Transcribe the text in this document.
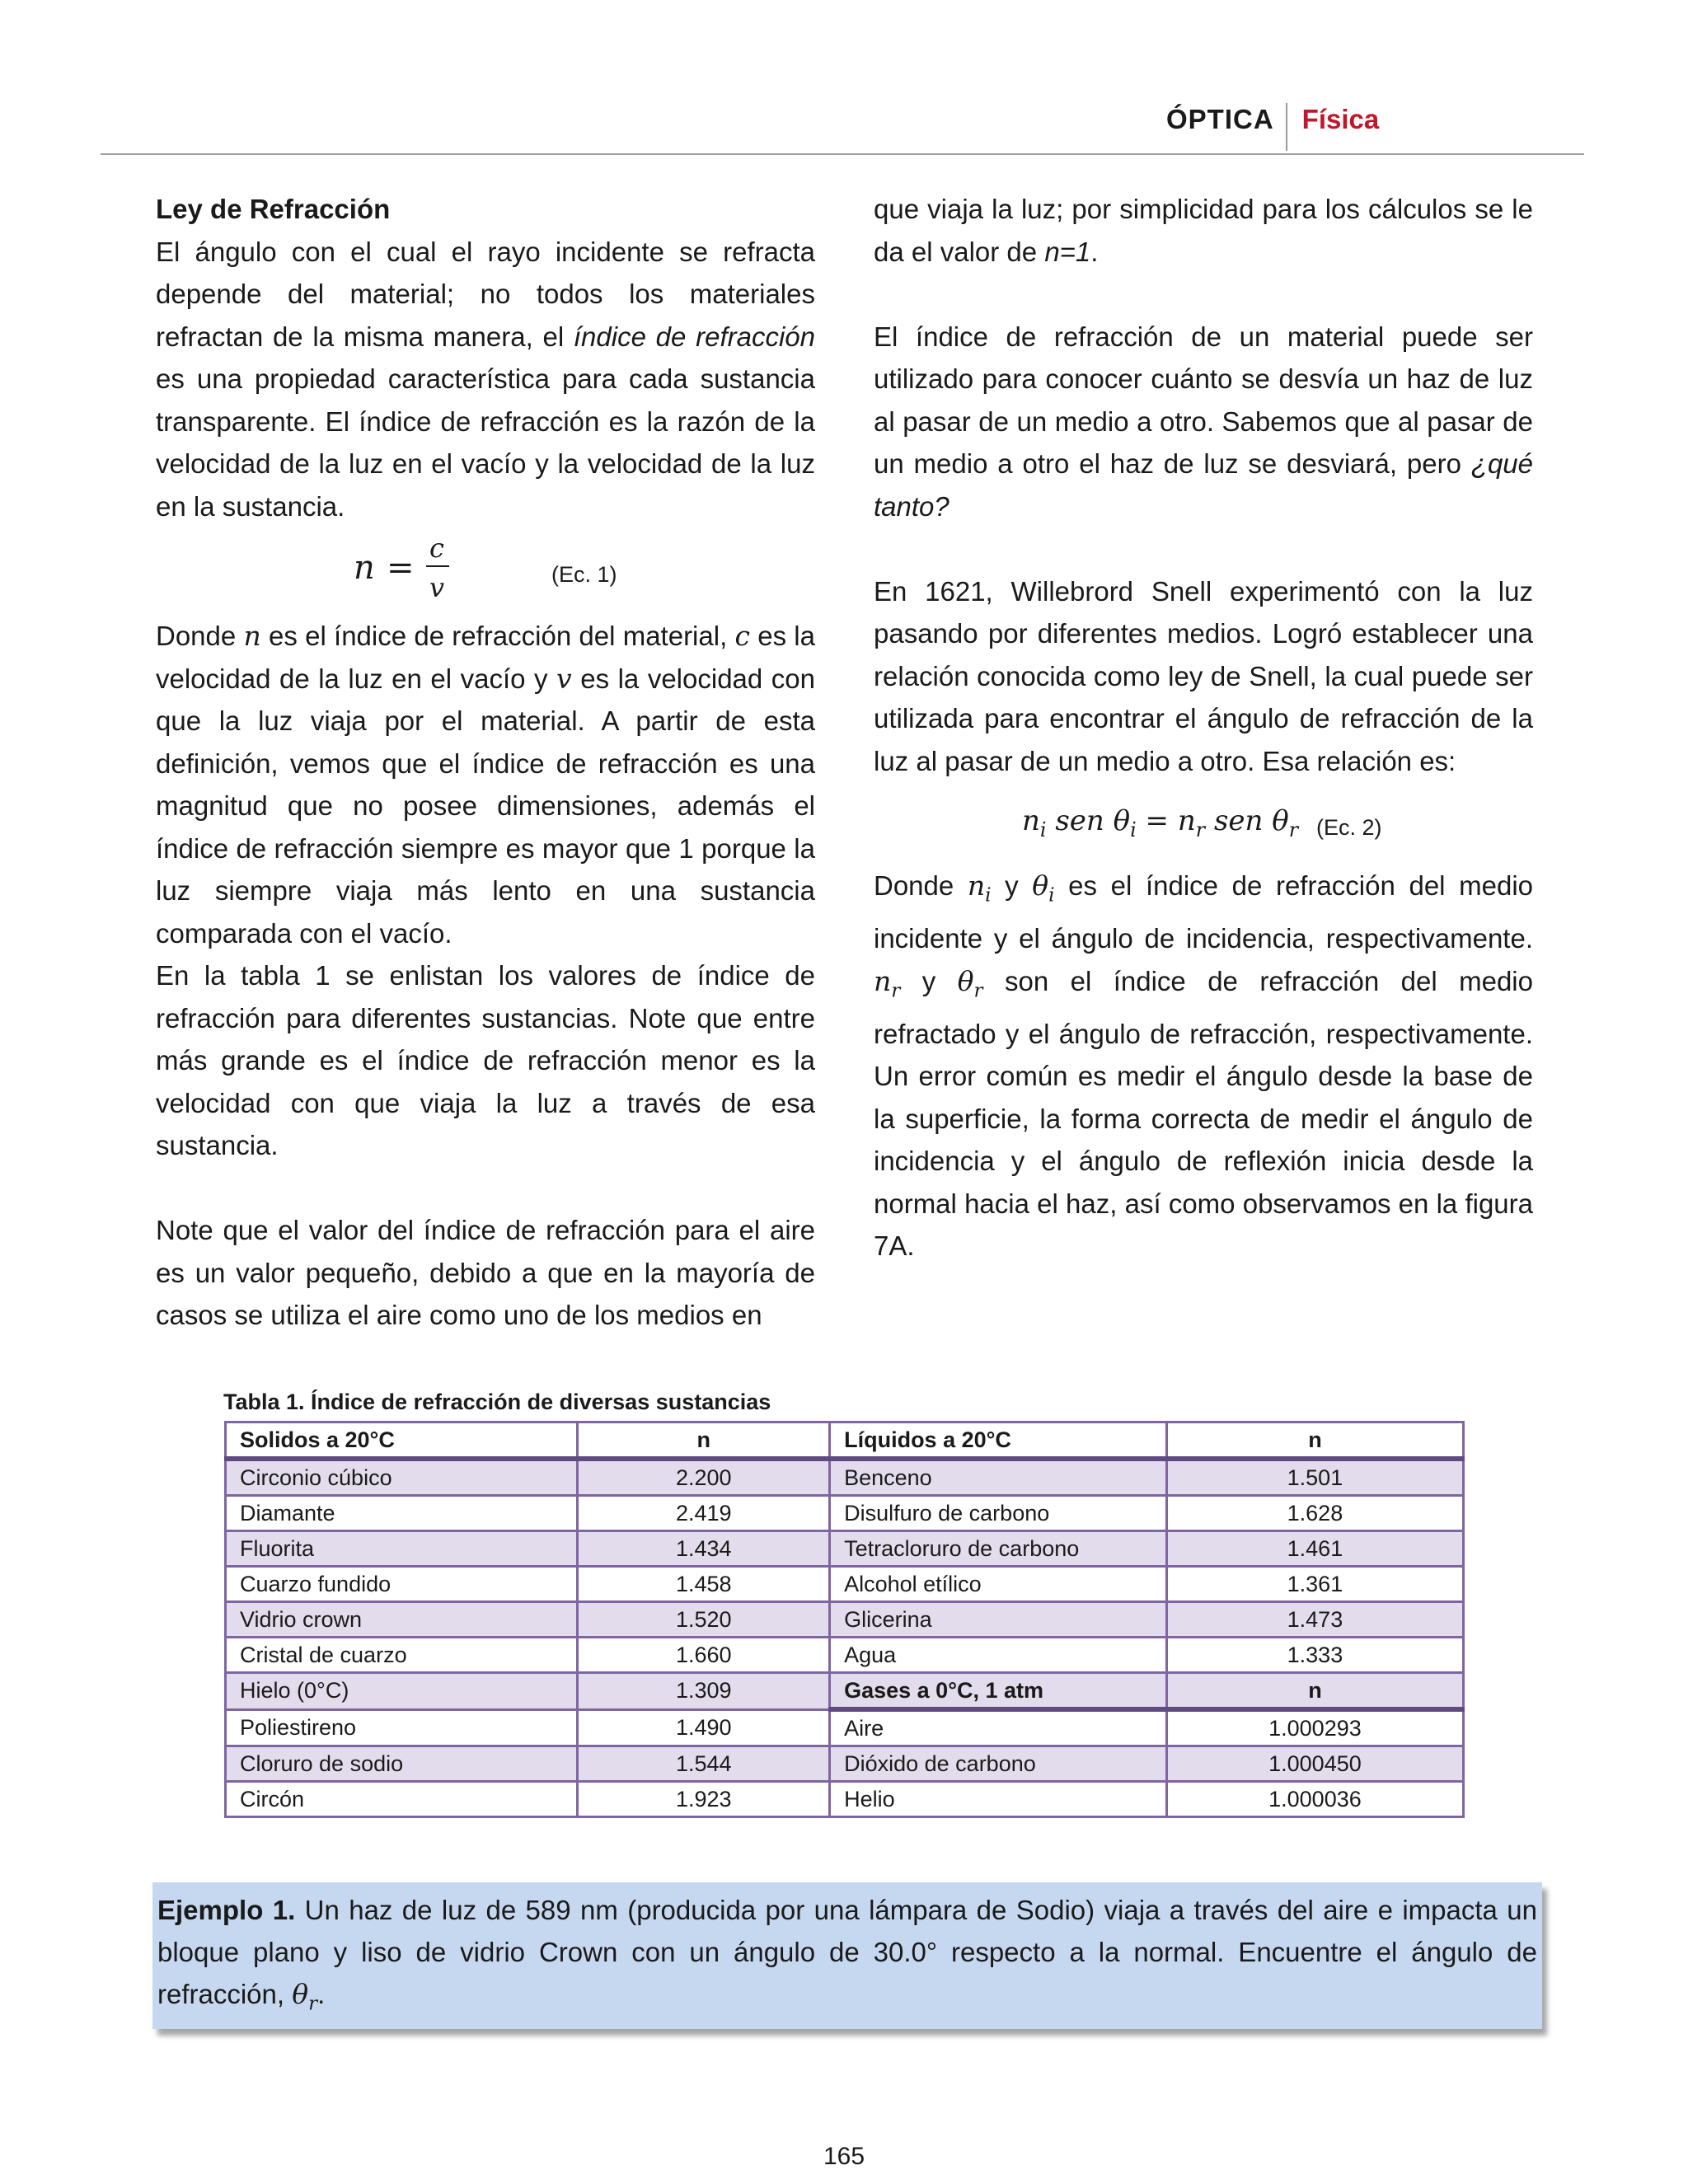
ÓPTICA	Física

Ley de Refracción

El ángulo con el cual el rayo incidente se refracta depende del material; no todos los materiales refractan de la misma manera, el índice de refracción es una propiedad característica para cada sustancia transparente. El índice de refracción es la razón de la velocidad de la luz en el vacío y la velocidad de la luz en la sustancia.

n =
c
v	(Ec. 1)

Donde n es el índice de refracción del material, c es la velocidad de la luz en el vacío y v es la velocidad con que la luz viaja por el material. A partir de esta definición, vemos que el índice de refracción es una magnitud que no posee dimensiones, además el índice de refracción siempre es mayor que 1 porque la luz siempre viaja más lento en una sustancia comparada con el vacío.

En la tabla 1 se enlistan los valores de índice de refracción para diferentes sustancias. Note que entre más grande es el índice de refracción menor es la velocidad con que viaja la luz a través de esa sustancia.

Note que el valor del índice de refracción para el aire es un valor pequeño, debido a que en la mayoría de casos se utiliza el aire como uno de los medios en

que viaja la luz; por simplicidad para los cálculos se le da el valor de n=1.

El índice de refracción de un material puede ser utilizado para conocer cuánto se desvía un haz de luz al pasar de un medio a otro. Sabemos que al pasar de un medio a otro el haz de luz se desviará, pero ¿qué tanto?

En 1621, Willebrord Snell experimentó con la luz pasando por diferentes medios. Logró establecer una relación conocida como ley de Snell, la cual puede ser utilizada para encontrar el ángulo de refracción de la luz al pasar de un medio a otro. Esa relación es:

$n_i$ sen $\theta_i = n_r$ sen $\theta_r$ (Ec. 2)

Donde $n_i$ y $\theta_i$ es el índice de refracción del medio incidente y el ángulo de incidencia, respectivamente. $n_r$ y $\theta_r$ son el índice de refracción del medio refractado y el ángulo de refracción, respectivamente. Un error común es medir el ángulo desde la base de la superficie, la forma correcta de medir el ángulo de incidencia y el ángulo de reflexión inicia desde la normal hacia el haz, así como observamos en la figura 7A.

Tabla 1. Índice de refracción de diversas sustancias
Solidos a 20°C	n	Líquidos a 20°C	n
Circonio cúbico	2.200	Benceno	1.501
Diamante	2.419	Disulfuro de carbono	1.628
Fluorita	1.434	Tetracloruro de carbono	1.461
Cuarzo fundido	1.458	Alcohol etílico	1.361
Vidrio crown	1.520	Glicerina	1.473
Cristal de cuarzo	1.660	Agua	1.333
Hielo (0°C)	1.309	Gases a 0°C, 1 atm	n
Poliestireno	1.490	Aire	1.000293
Cloruro de sodio	1.544	Dióxido de carbono	1.000450
Circón	1.923	Helio	1.000036
Ejemplo 1. Un haz de luz de 589 nm (producida por una lámpara de Sodio) viaja a través del aire e impacta un bloque plano y liso de vidrio Crown con un ángulo de 30.0° respecto a la normal. Encuentre el ángulo de refracción, $\theta_r$.
165
